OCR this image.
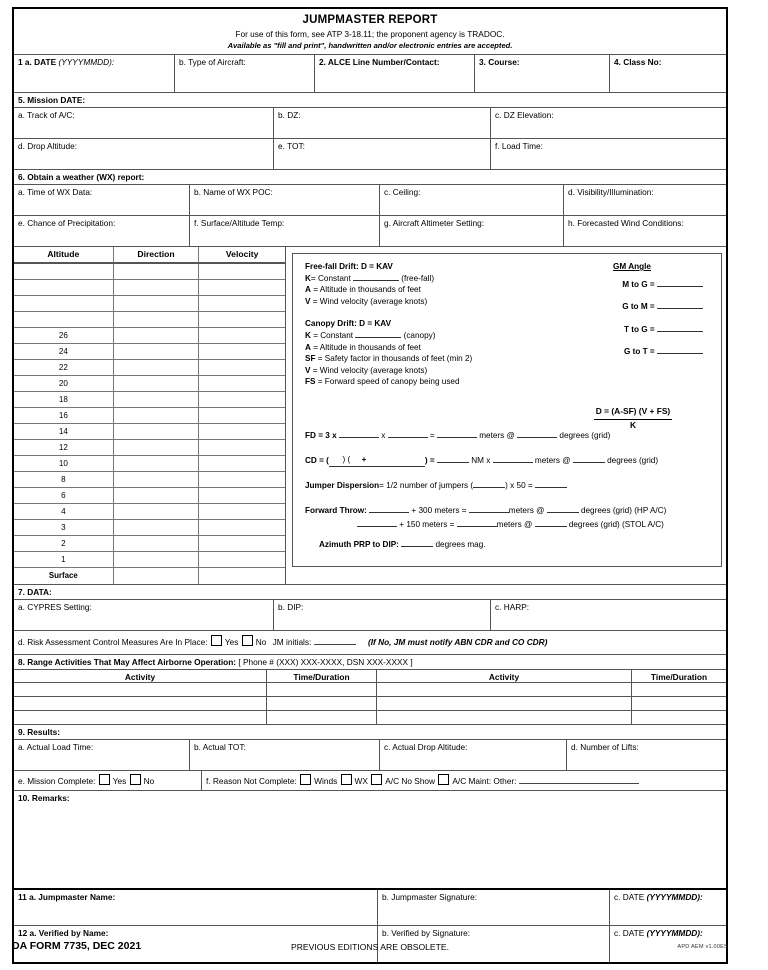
JUMPMASTER REPORT
For use of this form, see ATP 3-18.11; the proponent agency is TRADOC.
Available as "fill and print", handwritten and/or electronic entries are accepted.
1 a. DATE (YYYYMMDD):	b. Type of Aircraft:	2. ALCE Line Number/Contact:	3. Course:	4. Class No:
5. Mission DATE:
a. Track of A/C:	b. DZ:	c. DZ Elevation:
d. Drop Altitude:	e. TOT:	f. Load Time:
6. Obtain a weather (WX) report:
a. Time of WX Data:	b. Name of WX POC:	c. Ceiling:	d. Visibility/Illumination:
e. Chance of Precipitation:	f. Surface/Altitude Temp:	g. Aircraft Altimeter Setting:	h. Forecasted Wind Conditions:
Altitude	Direction	Velocity
26
24
22
20
18
16
14
12
10
8
6
4
3
2
1
Surface
Free-fall Drift: D = KAV
K= Constant	(free-fall)
A = Altitude in thousands of feet
V = Wind velocity (average knots)
Canopy Drift: D = KAV
K = Constant	(canopy)
A = Altitude in thousands of feet
SF = Safety factor in thousands of feet (min 2)
V = Wind velocity (average knots)
FS = Forward speed of canopy being used
GM Angle
M to G =
G to M =
T to G =
G to T =
$\frac{D = (A-SF) (V + FS)}{K}$
FD = 3 x	x	=	meters @	degrees (grid)
CD = (      ) (     +	) =	NM x	meters @	degrees (grid)
Jumper Dispersion= 1/2 number of jumpers (	) x 50 =
Forward Throw:	+ 300 meters =	meters @	degrees (grid) (HP A/C)
+ 150 meters =	meters @	degrees (grid) (STOL A/C)
Azimuth PRP to DIP:	degrees mag.
7. DATA:
a. CYPRES Setting:	b. DIP:	c. HARP:
d. Risk Assessment Control Measures Are In Place: Yes No JM initials:	(If No, JM must notify ABN CDR and CO CDR)
8. Range Activities That May Affect Airborne Operation: [ Phone # (XXX) XXX-XXXX, DSN XXX-XXXX ]
Activity	Time/Duration	Activity	Time/Duration
9. Results:
a. Actual Load Time:	b. Actual TOT:	c. Actual Drop Altitude:	d. Number of Lifts:
e. Mission Complete: Yes No	f. Reason Not Complete: Winds WX A/C No Show A/C Maint: Other:
10. Remarks:
11 a. Jumpmaster Name:	b. Jumpmaster Signature:	c. DATE (YYYYMMDD):
12 a. Verified by Name:	b. Verified by Signature:	c. DATE (YYYYMMDD):
DA FORM 7735, DEC 2021	PREVIOUS EDITIONS ARE OBSOLETE.	APD AEM v1.00ES
